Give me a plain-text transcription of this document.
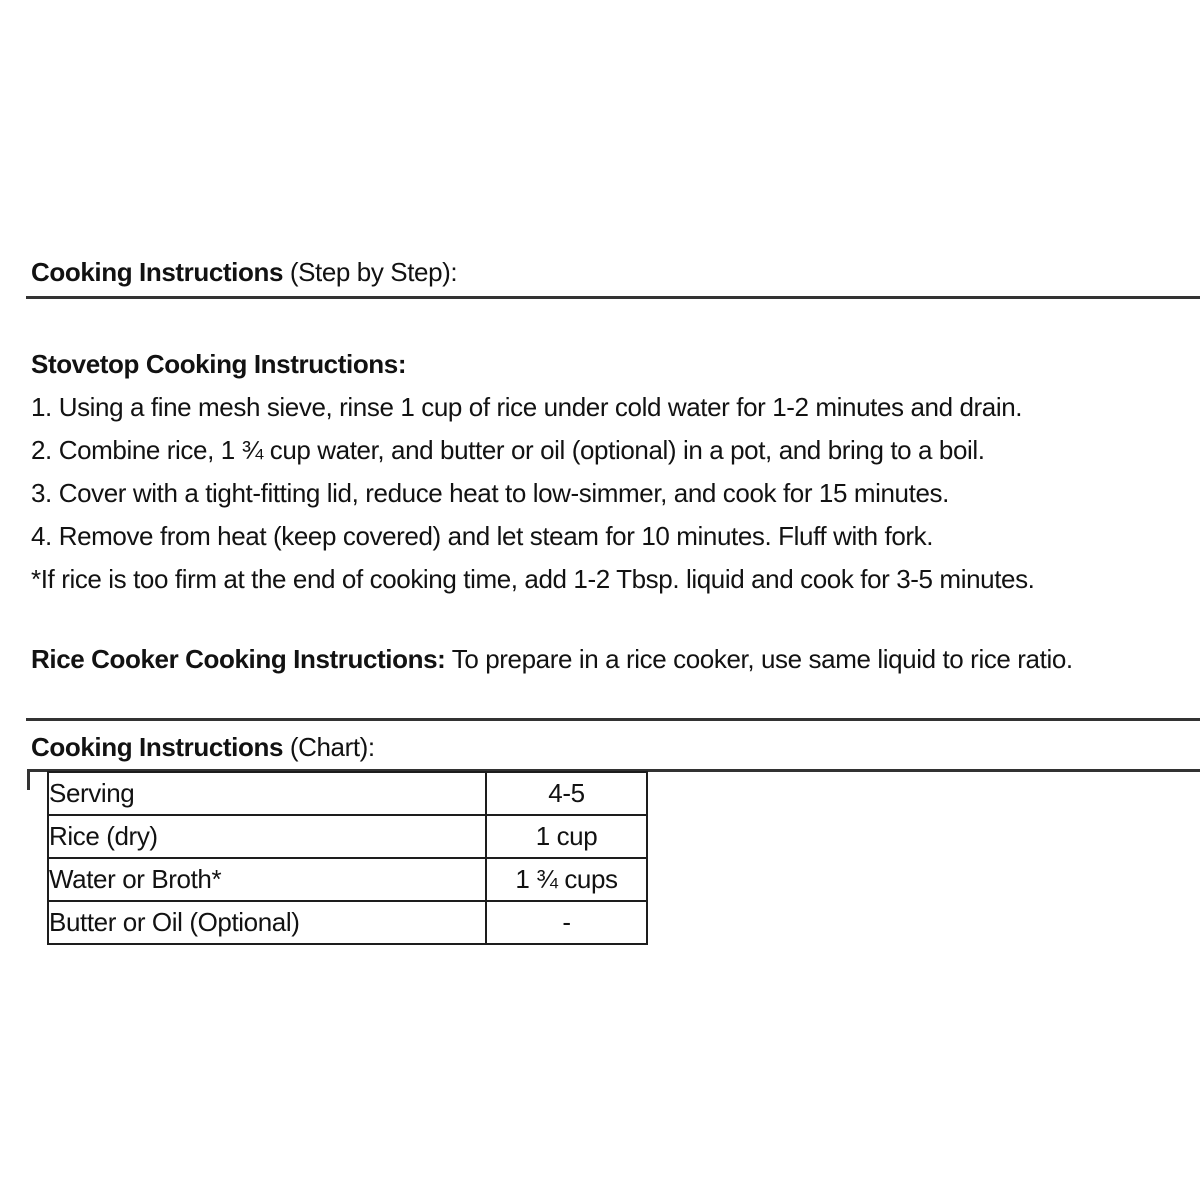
Cooking Instructions (Step by Step):
Stovetop Cooking Instructions:
1. Using a fine mesh sieve, rinse 1 cup of rice under cold water for 1-2 minutes and drain.
2. Combine rice, 1 ¾ cup water, and butter or oil (optional) in a pot, and bring to a boil.
3. Cover with a tight-fitting lid, reduce heat to low-simmer, and cook for 15 minutes.
4. Remove from heat (keep covered) and let steam for 10 minutes. Fluff with fork.
*If rice is too firm at the end of cooking time, add 1-2 Tbsp. liquid and cook for 3-5 minutes.
Rice Cooker Cooking Instructions: To prepare in a rice cooker, use same liquid to rice ratio.
Cooking Instructions (Chart):
Serving	4-5
Rice (dry)	1 cup
Water or Broth*	1 ¾ cups
Butter or Oil (Optional)	-
